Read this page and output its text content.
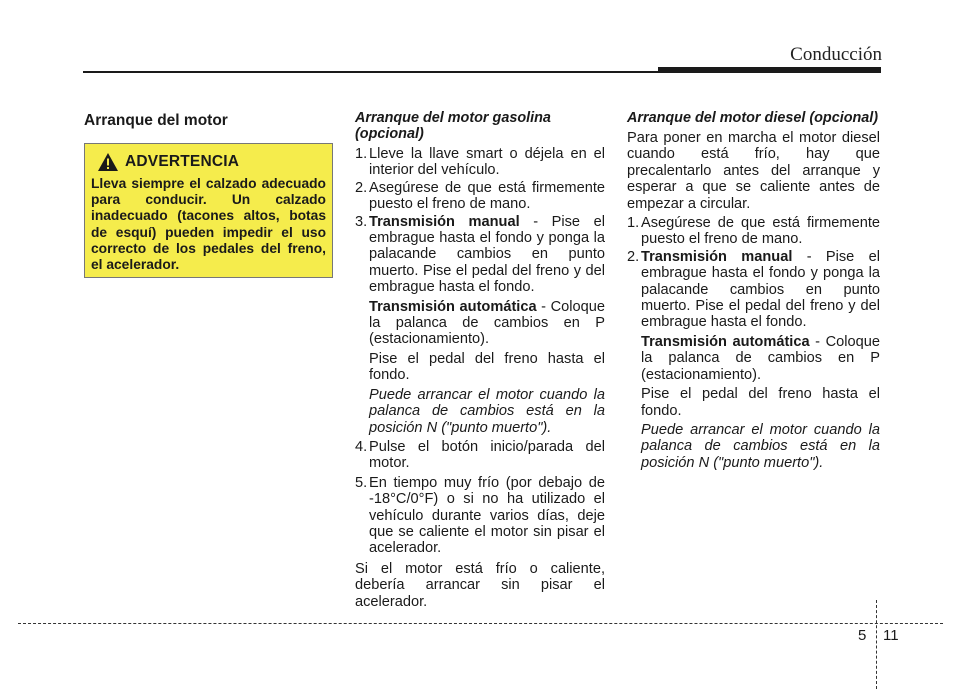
Conducción
Arranque del motor
ADVERTENCIA
Lleva siempre el calzado adecuado para conducir. Un calzado inadecuado (tacones altos, botas de esquí) pueden impedir el uso correcto de los pedales del freno, el acelerador.
Arranque del motor gasolina (opcional)
1. Lleve la llave smart o déjela en el interior del vehículo.
2. Asegúrese de que está firmemente puesto el freno de mano.
3. Transmisión manual - Pise el embrague hasta el fondo y ponga la palacande cambios en punto muerto. Pise el pedal del freno y del embrague hasta el fondo.
Transmisión automática - Coloque la palanca de cambios en P (estacionamiento).
Pise el pedal del freno hasta el fondo.
Puede arrancar el motor cuando la palanca de cambios está en la posición N ("punto muerto").
4. Pulse el botón inicio/parada del motor.
5. En tiempo muy frío (por debajo de -18°C/0°F) o si no ha utilizado el vehículo durante varios días, deje que se caliente el motor sin pisar el acelerador.

Si el motor está frío o caliente, debería arrancar sin pisar el acelerador.

Arranque del motor diesel (opcional)

Para poner en marcha el motor diesel cuando está frío, hay que precalentarlo antes del arranque y esperar a que se caliente antes de empezar a circular.

1. Asegúrese de que está firmemente puesto el freno de mano.
2. Transmisión manual - Pise el embrague hasta el fondo y ponga la palacande cambios en punto muerto. Pise el pedal del freno y del embrague hasta el fondo.
Transmisión automática - Coloque la palanca de cambios en P (estacionamiento).
Pise el pedal del freno hasta el fondo.
Puede arrancar el motor cuando la palanca de cambios está en la posición N ("punto muerto").
5 11
